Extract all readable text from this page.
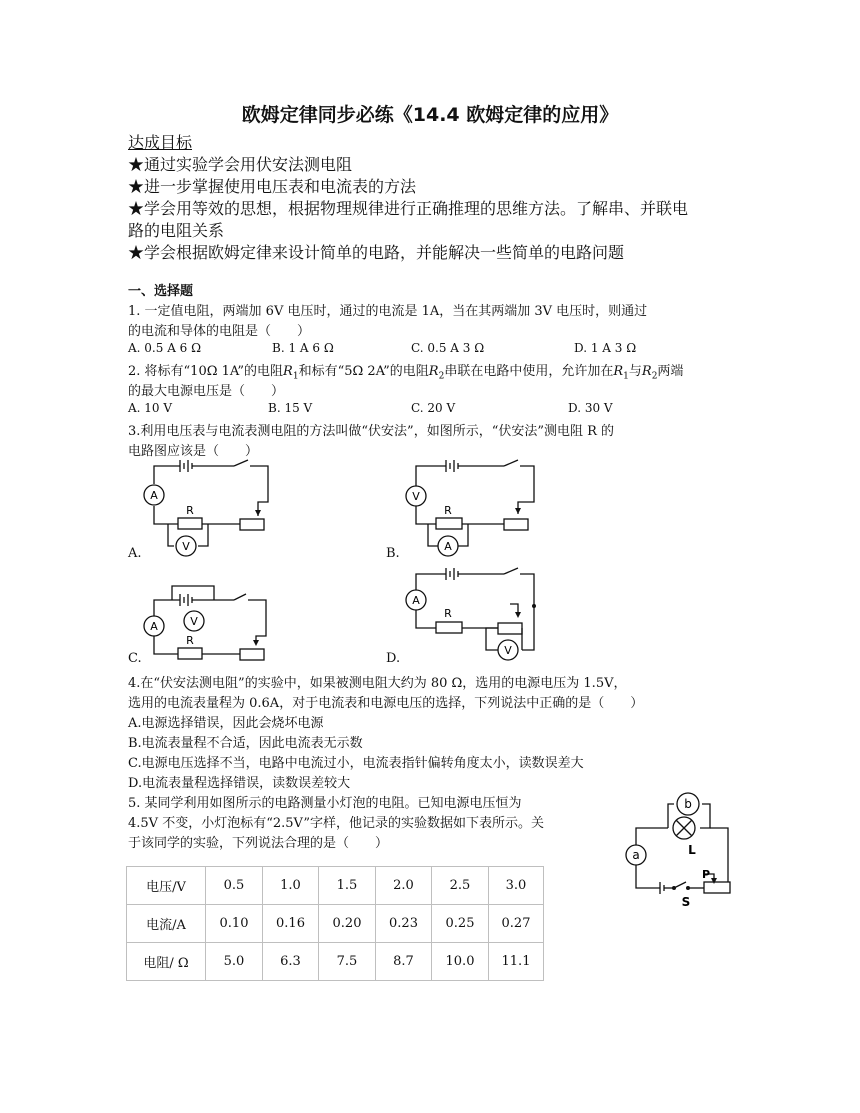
欧姆定律同步必练《14.4 欧姆定律的应用》
达成目标
★通过实验学会用伏安法测电阻
★进一步掌握使用电压表和电流表的方法
★学会用等效的思想，根据物理规律进行正确推理的思维方法。了解串、并联电
路的电阻关系
★学会根据欧姆定律来设计简单的电路，并能解决一些简单的电路问题
一、选择题
1. 一定值电阻，两端加 6V 电压时，通过的电流是 1A，当在其两端加 3V 电压时，则通过
的电流和导体的电阻是（　　）
A. 0.5 A 6 Ω	B. 1 A 6 Ω	C. 0.5 A 3 Ω	D. 1 A 3 Ω
2. 将标有“10Ω 1A”的电阻$R_1$和标有“5Ω 2A”的电阻$R_2$串联在电路中使用，允许加在$R_1$与$R_2$两端
的最大电源电压是（　　）
A. 10 V	B. 15 V	C. 20 V	D. 30 V
3.利用电压表与电流表测电阻的方法叫做“伏安法”，如图所示，“伏安法”测电阻 R 的
电路图应该是（　　）
A.	B.
C.	D.
A
V
R
V
A
R
A	V
R
A
V
R
4.在“伏安法测电阻”的实验中，如果被测电阻大约为 80 Ω，选用的电源电压为 1.5V，
选用的电流表量程为 0.6A，对于电流表和电源电压的选择，下列说法中正确的是（　　）
A.电源选择错误，因此会烧坏电源
B.电流表量程不合适，因此电流表无示数
C.电源电压选择不当，电路中电流过小，电流表指针偏转角度太小，读数误差大
D.电流表量程选择错误，读数误差较大
5. 某同学利用如图所示的电路测量小灯泡的电阻。已知电源电压恒为
4.5V 不变，小灯泡标有“2.5V”字样，他记录的实验数据如下表所示。关
于该同学的实验，下列说法合理的是（　　）
b
a	L
P
S
电压/V	0.5	1.0	1.5	2.0	2.5	3.0
电流/A	0.10	0.16	0.20	0.23	0.25	0.27
电阻/ Ω	5.0	6.3	7.5	8.7	10.0	11.1
